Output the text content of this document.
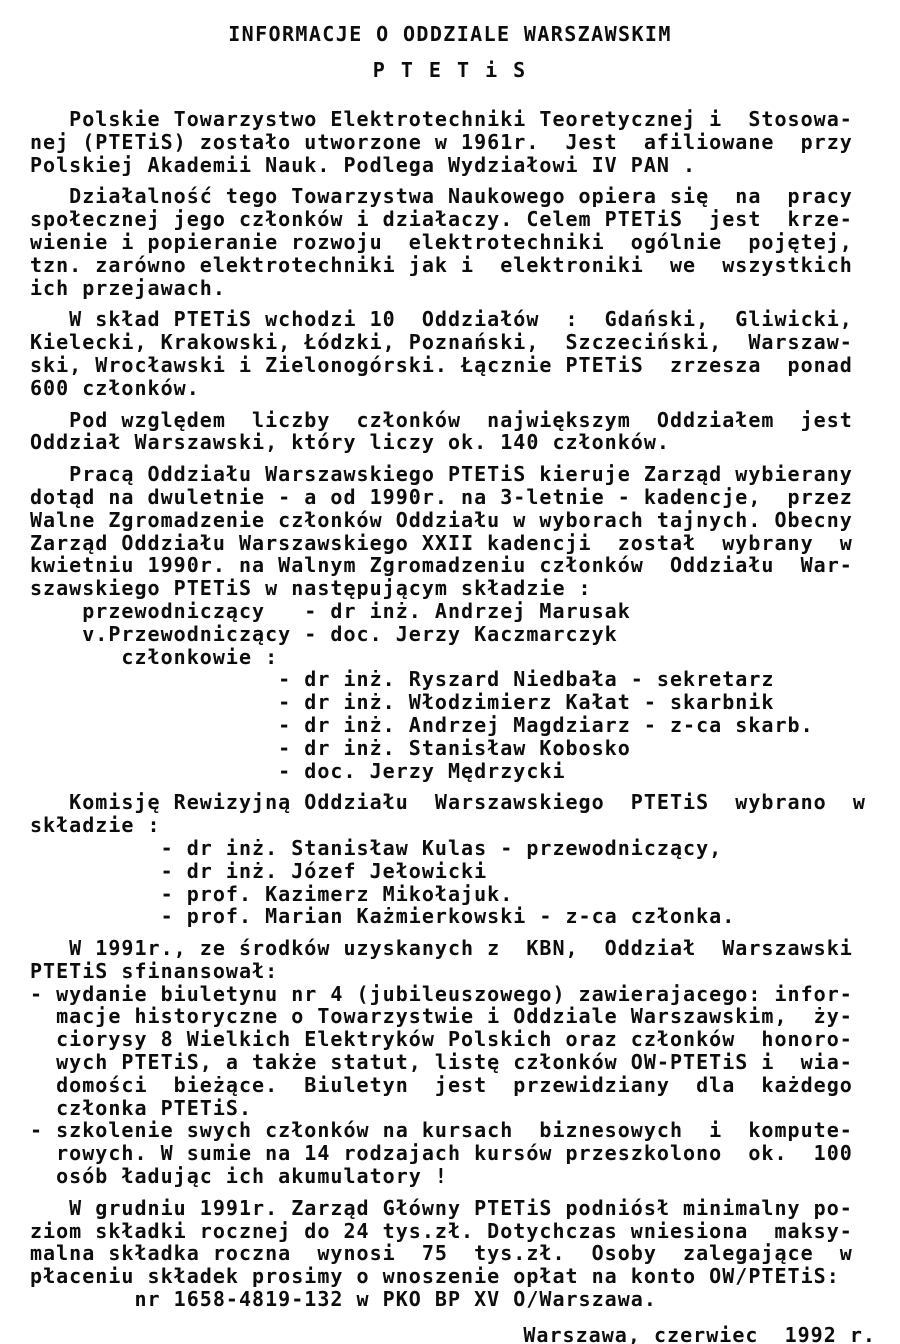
INFORMACJE O ODDZIALE WARSZAWSKIM
P T E T i S
Polskie Towarzystwo Elektrotechniki Teoretycznej i  Stosowa-
nej (PTETiS) zostało utworzone w 1961r.  Jest  afiliowane  przy
Polskiej Akademii Nauk. Podlega Wydziałowi IV PAN .
Działalność tego Towarzystwa Naukowego opiera się  na  pracy
społecznej jego członków i działaczy. Celem PTETiS  jest  krze-
wienie i popieranie rozwoju  elektrotechniki  ogólnie  pojętej,
tzn. zarówno elektrotechniki jak i  elektroniki  we  wszystkich
ich przejawach.
W skład PTETiS wchodzi 10  Oddziałów  :  Gdański,  Gliwicki,
Kielecki, Krakowski, Łódzki, Poznański,  Szczeciński,  Warszaw-
ski, Wrocławski i Zielonogórski. Łącznie PTETiS  zrzesza  ponad
600 członków.
Pod względem  liczby  członków  największym  Oddziałem  jest
Oddział Warszawski, który liczy ok. 140 członków.
Pracą Oddziału Warszawskiego PTETiS kieruje Zarząd wybierany
dotąd na dwuletnie - a od 1990r. na 3-letnie - kadencje,  przez
Walne Zgromadzenie członków Oddziału w wyborach tajnych. Obecny
Zarząd Oddziału Warszawskiego XXII kadencji  został  wybrany  w
kwietniu 1990r. na Walnym Zgromadzeniu członków  Oddziału  War-
szawskiego PTETiS w następującym składzie :
przewodniczący   - dr inż. Andrzej Marusak
v.Przewodniczący - doc. Jerzy Kaczmarczyk
członkowie :
- dr inż. Ryszard Niedbała - sekretarz
- dr inż. Włodzimierz Kałat - skarbnik
- dr inż. Andrzej Magdziarz - z-ca skarb.
- dr inż. Stanisław Kobosko
- doc. Jerzy Mędrzycki
Komisję Rewizyjną Oddziału  Warszawskiego  PTETiS  wybrano  w
składzie :
- dr inż. Stanisław Kulas - przewodniczący,
- dr inż. Józef Jełowicki
- prof. Kazimerz Mikołajuk.
- prof. Marian Każmierkowski - z-ca członka.
W 1991r., ze środków uzyskanych z  KBN,  Oddział  Warszawski
PTETiS sfinansował:
- wydanie biuletynu nr 4 (jubileuszowego) zawierajacego: infor-
macje historyczne o Towarzystwie i Oddziale Warszawskim,  ży-
ciorysy 8 Wielkich Elektryków Polskich oraz członków  honoro-
wych PTETiS, a także statut, listę członków OW-PTETiS i  wia-
domości  bieżące.  Biuletyn  jest  przewidziany  dla  każdego
członka PTETiS.
- szkolenie swych członków na kursach  biznesowych  i  kompute-
rowych. W sumie na 14 rodzajach kursów przeszkolono  ok.  100
osób ładując ich akumulatory !
W grudniu 1991r. Zarząd Główny PTETiS podniósł minimalny po-
ziom składki rocznej do 24 tys.zł. Dotychczas wniesiona  maksy-
malna składka roczna  wynosi  75  tys.zł.  Osoby  zalegające  w
płaceniu składek prosimy o wnoszenie opłat na konto OW/PTETiS:
nr 1658-4819-132 w PKO BP XV O/Warszawa.
Warszawa, czerwiec  1992 r.
